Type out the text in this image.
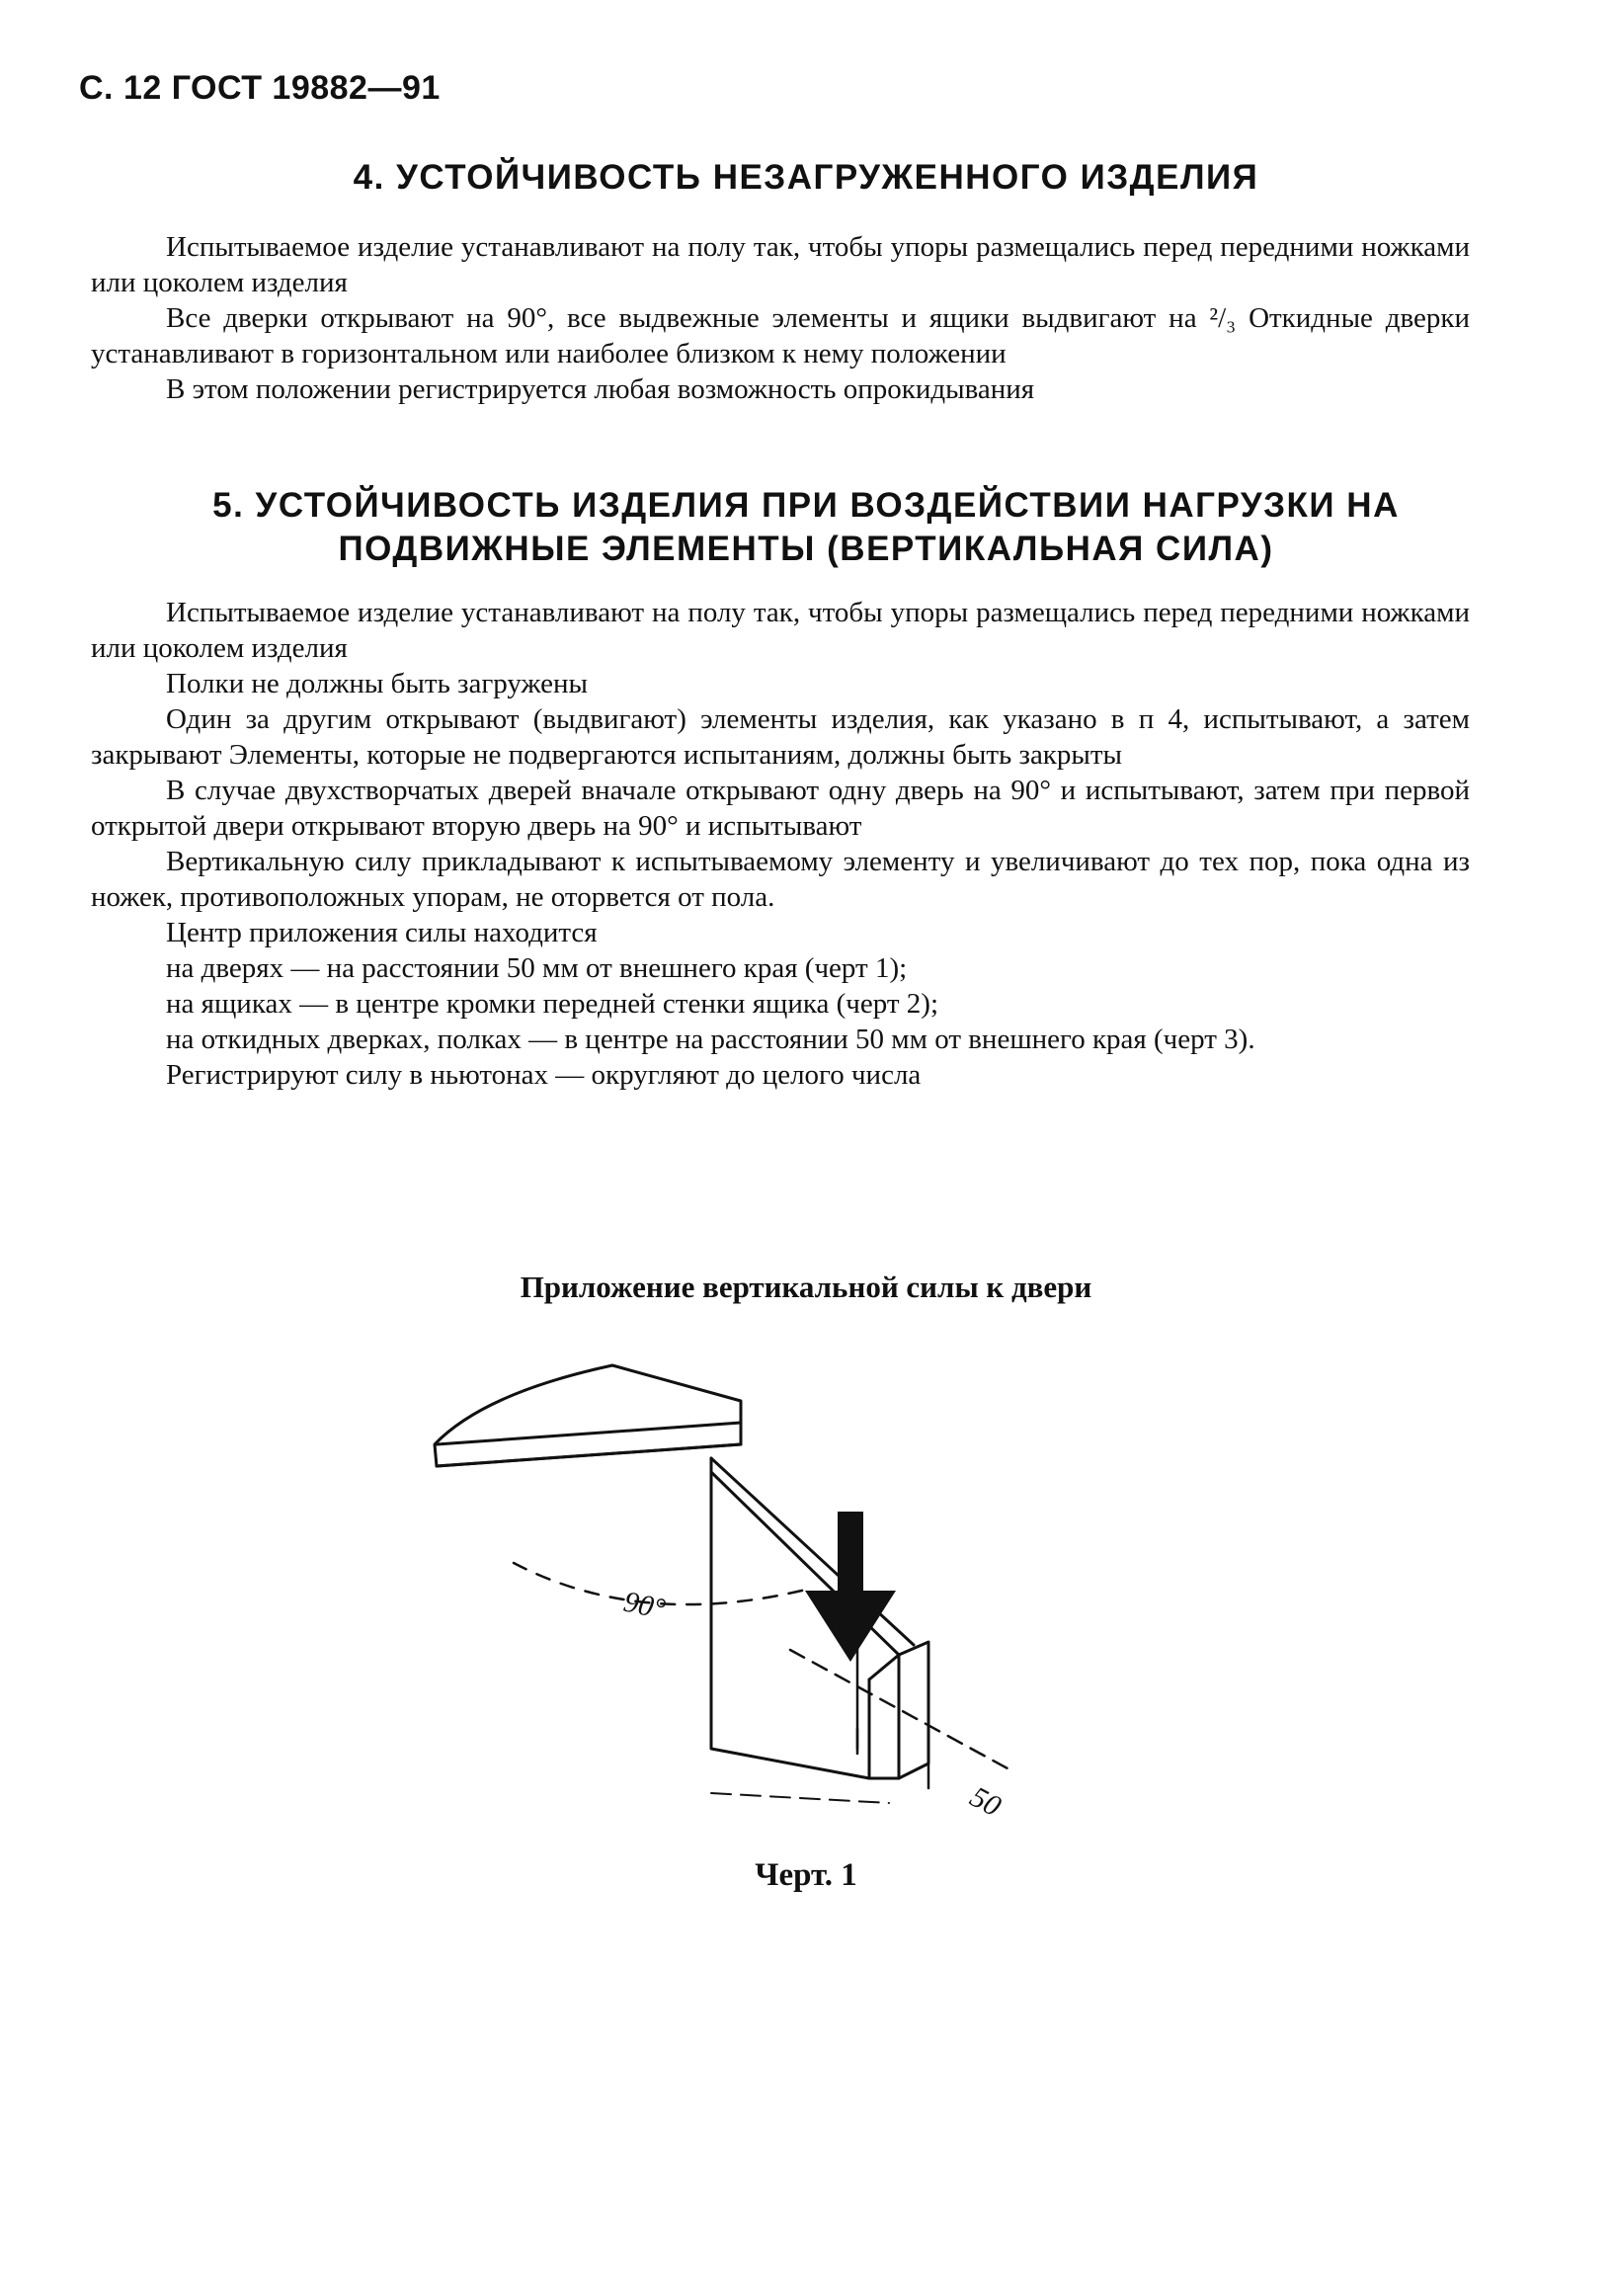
С. 12 ГОСТ 19882—91
4. УСТОЙЧИВОСТЬ НЕЗАГРУЖЕННОГО ИЗДЕЛИЯ

Испытываемое изделие устанавливают на полу так, чтобы упоры размещались перед передними ножками или цоколем изделия

Все дверки открывают на 90°, все выдвежные элементы и ящики выдвигают на ²/₃ Откидные дверки устанавливают в горизонтальном или наиболее близком к нему положении

В этом положении регистрируется любая возможность опрокидывания

5. УСТОЙЧИВОСТЬ ИЗДЕЛИЯ ПРИ ВОЗДЕЙСТВИИ НАГРУЗКИ НА
ПОДВИЖНЫЕ ЭЛЕМЕНТЫ (ВЕРТИКАЛЬНАЯ СИЛА)

Испытываемое изделие устанавливают на полу так, чтобы упоры размещались перед передними ножками или цоколем изделия

Полки не должны быть загружены

Один за другим открывают (выдвигают) элементы изделия, как указано в п 4, испытывают, а затем закрывают Элементы, которые не подвергаются испытаниям, должны быть закрыты

В случае двухстворчатых дверей вначале открывают одну дверь на 90° и испытывают, затем при первой открытой двери открывают вторую дверь на 90° и испытывают

Вертикальную силу прикладывают к испытываемому элементу и увеличивают до тех пор, пока одна из ножек, противоположных упорам, не оторвется от пола.

Центр приложения силы находится

на дверях — на расстоянии 50 мм от внешнего края (черт 1);

на ящиках — в центре кромки передней стенки ящика (черт 2);

на откидных дверках, полках — в центре на расстоянии 50 мм от внешнего края (черт 3).

Регистрируют силу в ньютонах — округляют до целого числа

Приложение вертикальной силы к двери
90°
50
Черт. 1
